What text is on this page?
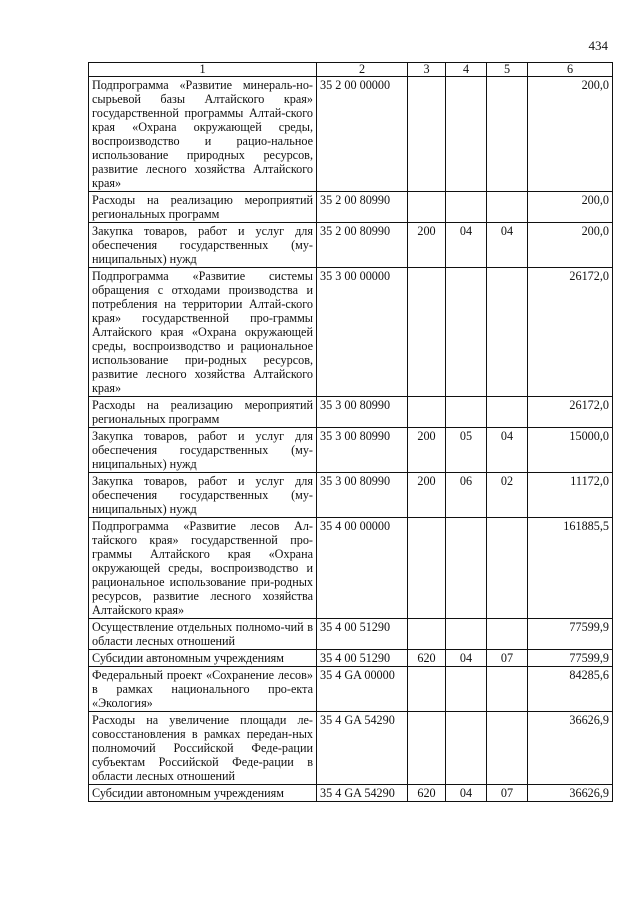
434
1	2	3	4	5	6
Подпрограмма «Развитие минераль-но-сырьевой базы Алтайского края» государственной программы Алтай-ского края «Охрана окружающей среды, воспроизводство и рацио-нальное использование природных ресурсов, развитие лесного хозяйства Алтайского края»	35 2 00 00000				200,0
Расходы на реализацию мероприятий региональных программ	35 2 00 80990				200,0
Закупка товаров, работ и услуг для обеспечения государственных (му-ниципальных) нужд	35 2 00 80990	200	04	04	200,0
Подпрограмма «Развитие системы обращения с отходами производства и потребления на территории Алтай-ского края» государственной про-граммы Алтайского края «Охрана окружающей среды, воспроизводство и рациональное использование при-родных ресурсов, развитие лесного хозяйства Алтайского края»	35 3 00 00000				26172,0
Расходы на реализацию мероприятий региональных программ	35 3 00 80990				26172,0
Закупка товаров, работ и услуг для обеспечения государственных (му-ниципальных) нужд	35 3 00 80990	200	05	04	15000,0
Закупка товаров, работ и услуг для обеспечения государственных (му-ниципальных) нужд	35 3 00 80990	200	06	02	11172,0
Подпрограмма «Развитие лесов Ал-тайского края» государственной про-граммы Алтайского края «Охрана окружающей среды, воспроизводство и рациональное использование при-родных ресурсов, развитие лесного хозяйства Алтайского края»	35 4 00 00000				161885,5
Осуществление отдельных полномо-чий в области лесных отношений	35 4 00 51290				77599,9
Субсидии автономным учреждениям	35 4 00 51290	620	04	07	77599,9
Федеральный проект «Сохранение лесов» в рамках национального про-екта «Экология»	35 4 GA 00000				84285,6
Расходы на увеличение площади ле-совосстановления в рамках передан-ных полномочий Российской Феде-рации субъектам Российской Феде-рации в области лесных отношений	35 4 GA 54290				36626,9
Субсидии автономным учреждениям	35 4 GA 54290	620	04	07	36626,9
